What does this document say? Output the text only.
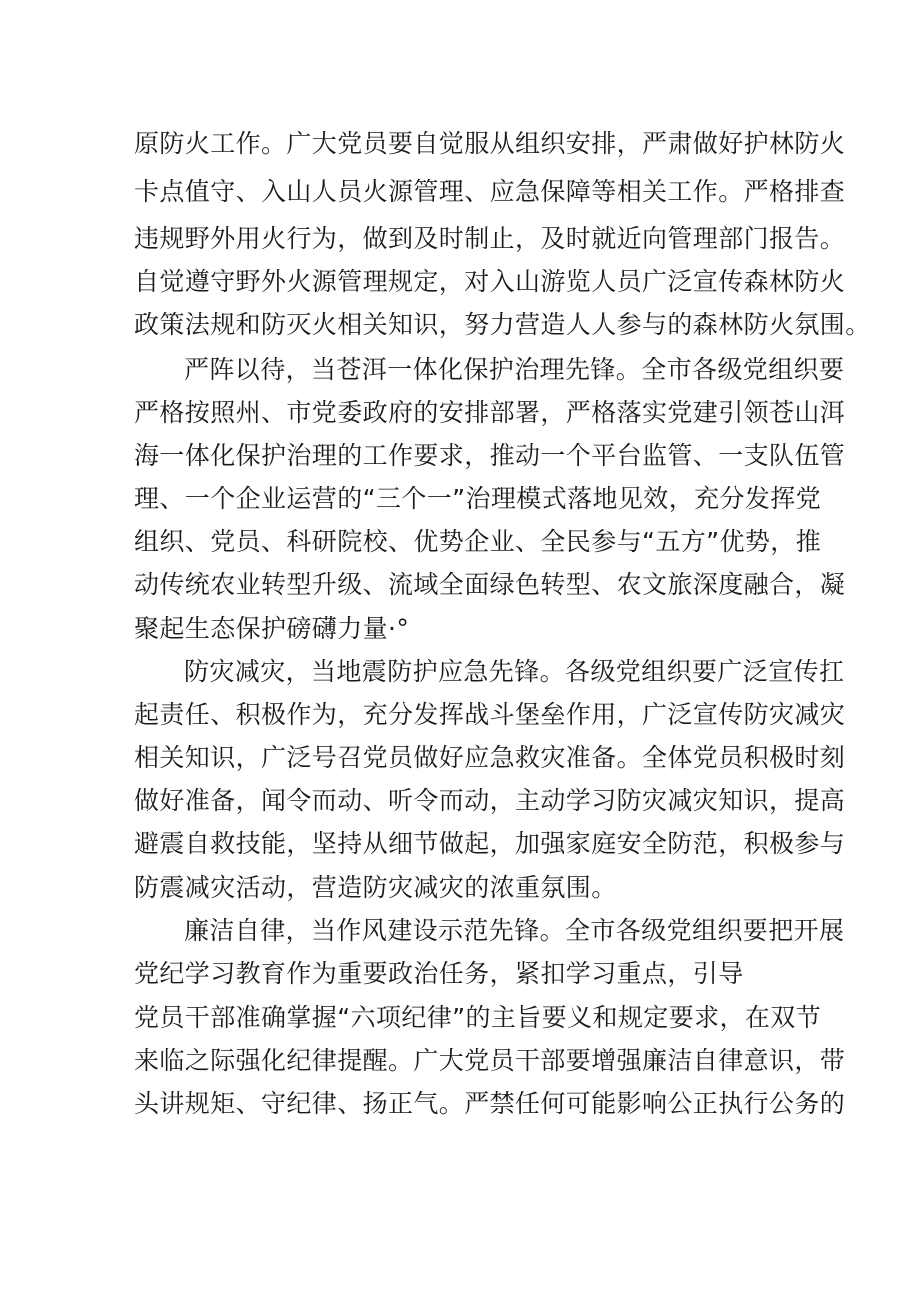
原防火工作。广大党员要自觉服从组织安排，严肃做好护林防火
卡点值守、入山人员火源管理、应急保障等相关工作。严格排查
违规野外用火行为，做到及时制止，及时就近向管理部门报告。
自觉遵守野外火源管理规定，对入山游览人员广泛宣传森林防火
政策法规和防灭火相关知识，努力营造人人参与的森林防火氛围。
严阵以待，当苍洱一体化保护治理先锋。全市各级党组织要
严格按照州、市党委政府的安排部署，严格落实党建引领苍山洱
海一体化保护治理的工作要求，推动一个平台监管、一支队伍管
理、一个企业运营的“三个一”治理模式落地见效，充分发挥党
组织、党员、科研院校、优势企业、全民参与“五方”优势，推
动传统农业转型升级、流域全面绿色转型、农文旅深度融合，凝
聚起生态保护磅礴力量·°
防灾减灾，当地震防护应急先锋。各级党组织要广泛宣传扛
起责任、积极作为，充分发挥战斗堡垒作用，广泛宣传防灾减灾
相关知识，广泛号召党员做好应急救灾准备。全体党员积极时刻
做好准备，闻令而动、听令而动，主动学习防灾减灾知识，提高
避震自救技能，坚持从细节做起，加强家庭安全防范，积极参与
防震减灾活动，营造防灾减灾的浓重氛围。
廉洁自律，当作风建设示范先锋。全市各级党组织要把开展
党纪学习教育作为重要政治任务，紧扣学习重点，引导
党员干部准确掌握“六项纪律”的主旨要义和规定要求，在双节
来临之际强化纪律提醒。广大党员干部要增强廉洁自律意识，带
头讲规矩、守纪律、扬正气。严禁任何可能影响公正执行公务的
